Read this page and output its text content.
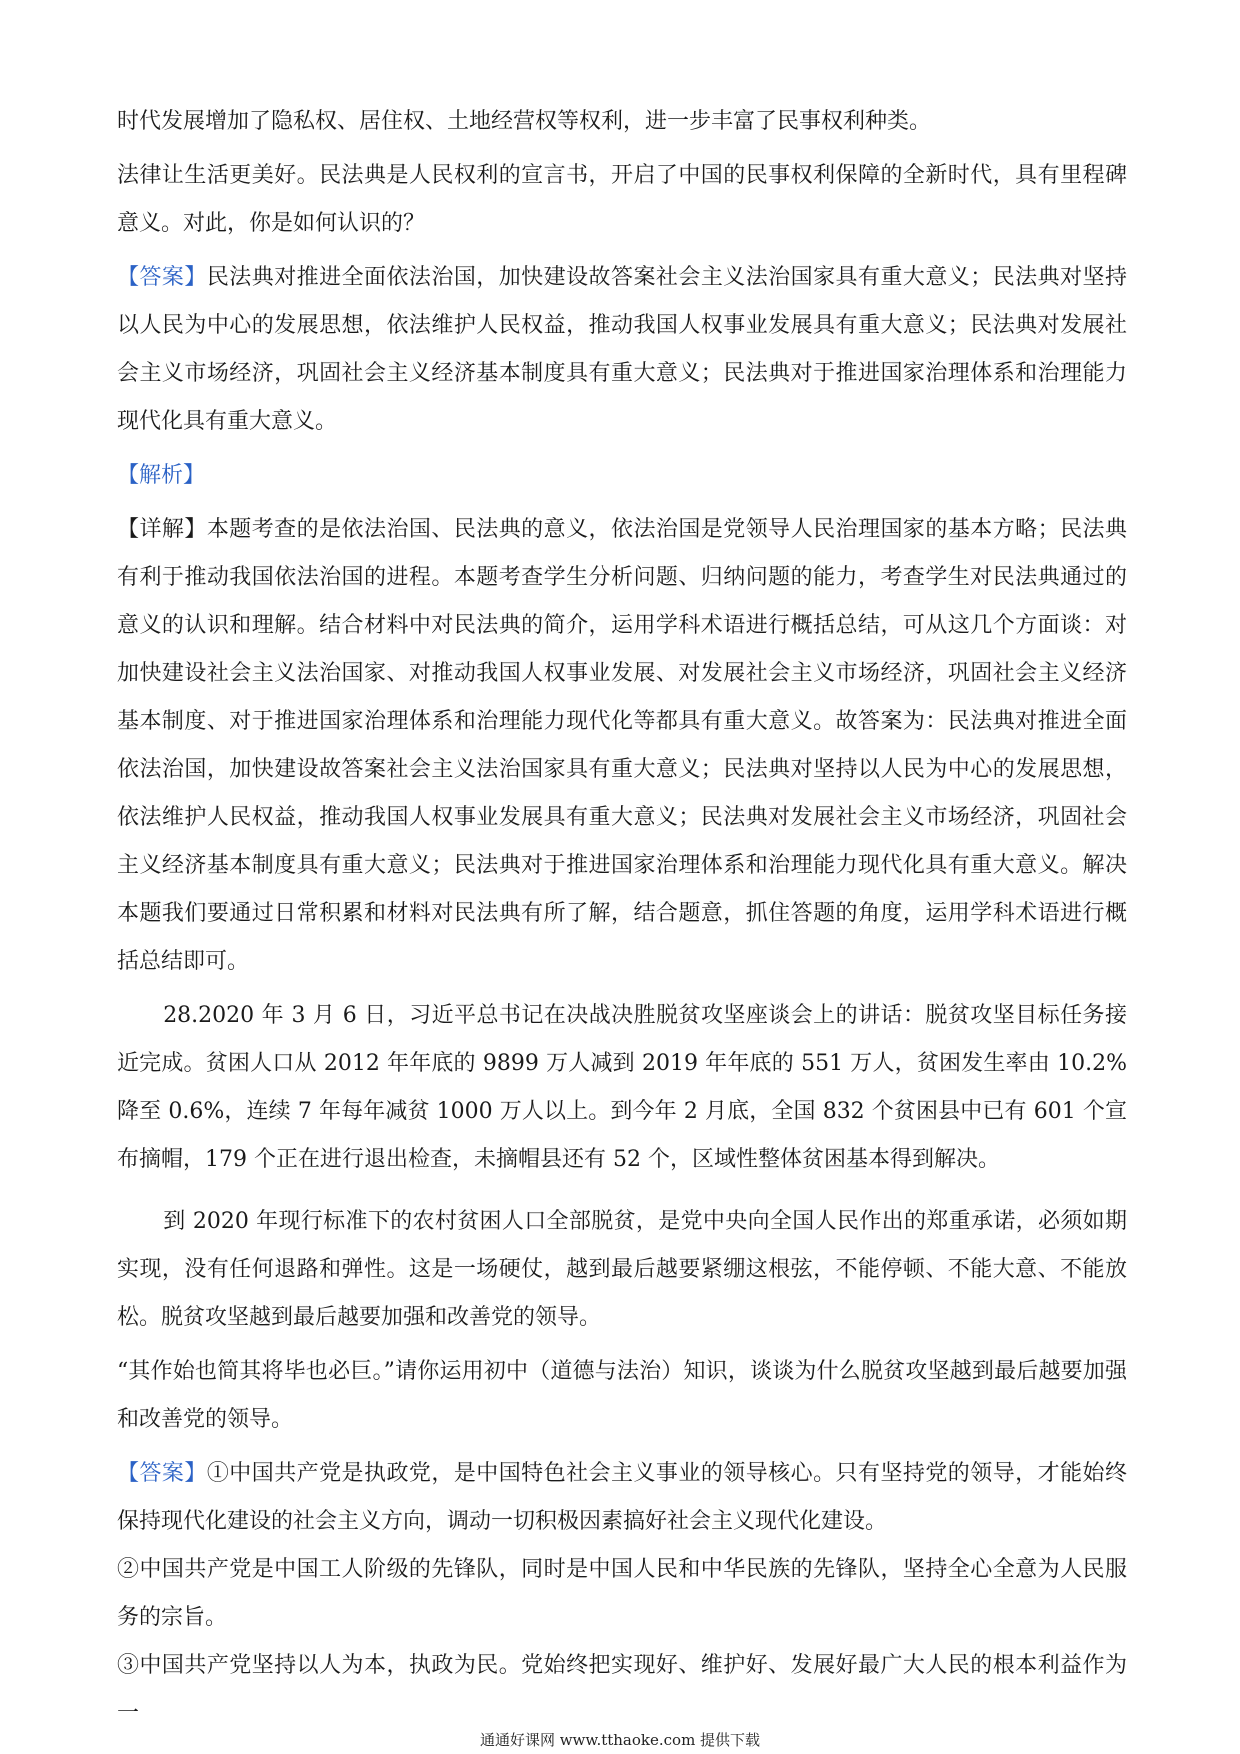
时代发展增加了隐私权、居住权、土地经营权等权利，进一步丰富了民事权利种类。

法律让生活更美好。民法典是人民权利的宣言书，开启了中国的民事权利保障的全新时代，具有里程碑意义。对此，你是如何认识的？

【答案】民法典对推进全面依法治国，加快建设故答案社会主义法治国家具有重大意义；民法典对坚持以人民为中心的发展思想，依法维护人民权益，推动我国人权事业发展具有重大意义；民法典对发展社会主义市场经济，巩固社会主义经济基本制度具有重大意义；民法典对于推进国家治理体系和治理能力现代化具有重大意义。

【解析】

【详解】本题考查的是依法治国、民法典的意义，依法治国是党领导人民治理国家的基本方略；民法典有利于推动我国依法治国的进程。本题考查学生分析问题、归纳问题的能力，考查学生对民法典通过的意义的认识和理解。结合材料中对民法典的简介，运用学科术语进行概括总结，可从这几个方面谈：对加快建设社会主义法治国家、对推动我国人权事业发展、对发展社会主义市场经济，巩固社会主义经济基本制度、对于推进国家治理体系和治理能力现代化等都具有重大意义。故答案为：民法典对推进全面依法治国，加快建设故答案社会主义法治国家具有重大意义；民法典对坚持以人民为中心的发展思想，依法维护人民权益，推动我国人权事业发展具有重大意义；民法典对发展社会主义市场经济，巩固社会主义经济基本制度具有重大意义；民法典对于推进国家治理体系和治理能力现代化具有重大意义。解决本题我们要通过日常积累和材料对民法典有所了解，结合题意，抓住答题的角度，运用学科术语进行概括总结即可。

28.2020 年 3 月 6 日，习近平总书记在决战决胜脱贫攻坚座谈会上的讲话：脱贫攻坚目标任务接近完成。贫困人口从 2012 年年底的 9899 万人减到 2019 年年底的 551 万人，贫困发生率由 10.2%降至 0.6%，连续 7 年每年减贫 1000 万人以上。到今年 2 月底，全国 832 个贫困县中已有 601 个宣布摘帽，179 个正在进行退出检查，未摘帽县还有 52 个，区域性整体贫困基本得到解决。

到 2020 年现行标准下的农村贫困人口全部脱贫，是党中央向全国人民作出的郑重承诺，必须如期实现，没有任何退路和弹性。这是一场硬仗，越到最后越要紧绷这根弦，不能停顿、不能大意、不能放松。脱贫攻坚越到最后越要加强和改善党的领导。

“其作始也简其将毕也必巨。”请你运用初中（道德与法治）知识，谈谈为什么脱贫攻坚越到最后越要加强和改善党的领导。

【答案】①中国共产党是执政党，是中国特色社会主义事业的领导核心。只有坚持党的领导，才能始终保持现代化建设的社会主义方向，调动一切积极因素搞好社会主义现代化建设。

②中国共产党是中国工人阶级的先锋队，同时是中国人民和中华民族的先锋队，坚持全心全意为人民服务的宗旨。

③中国共产党坚持以人为本，执政为民。党始终把实现好、维护好、发展好最广大人民的根本利益作为一

通通好课网 www.tthaoke.com 提供下载
